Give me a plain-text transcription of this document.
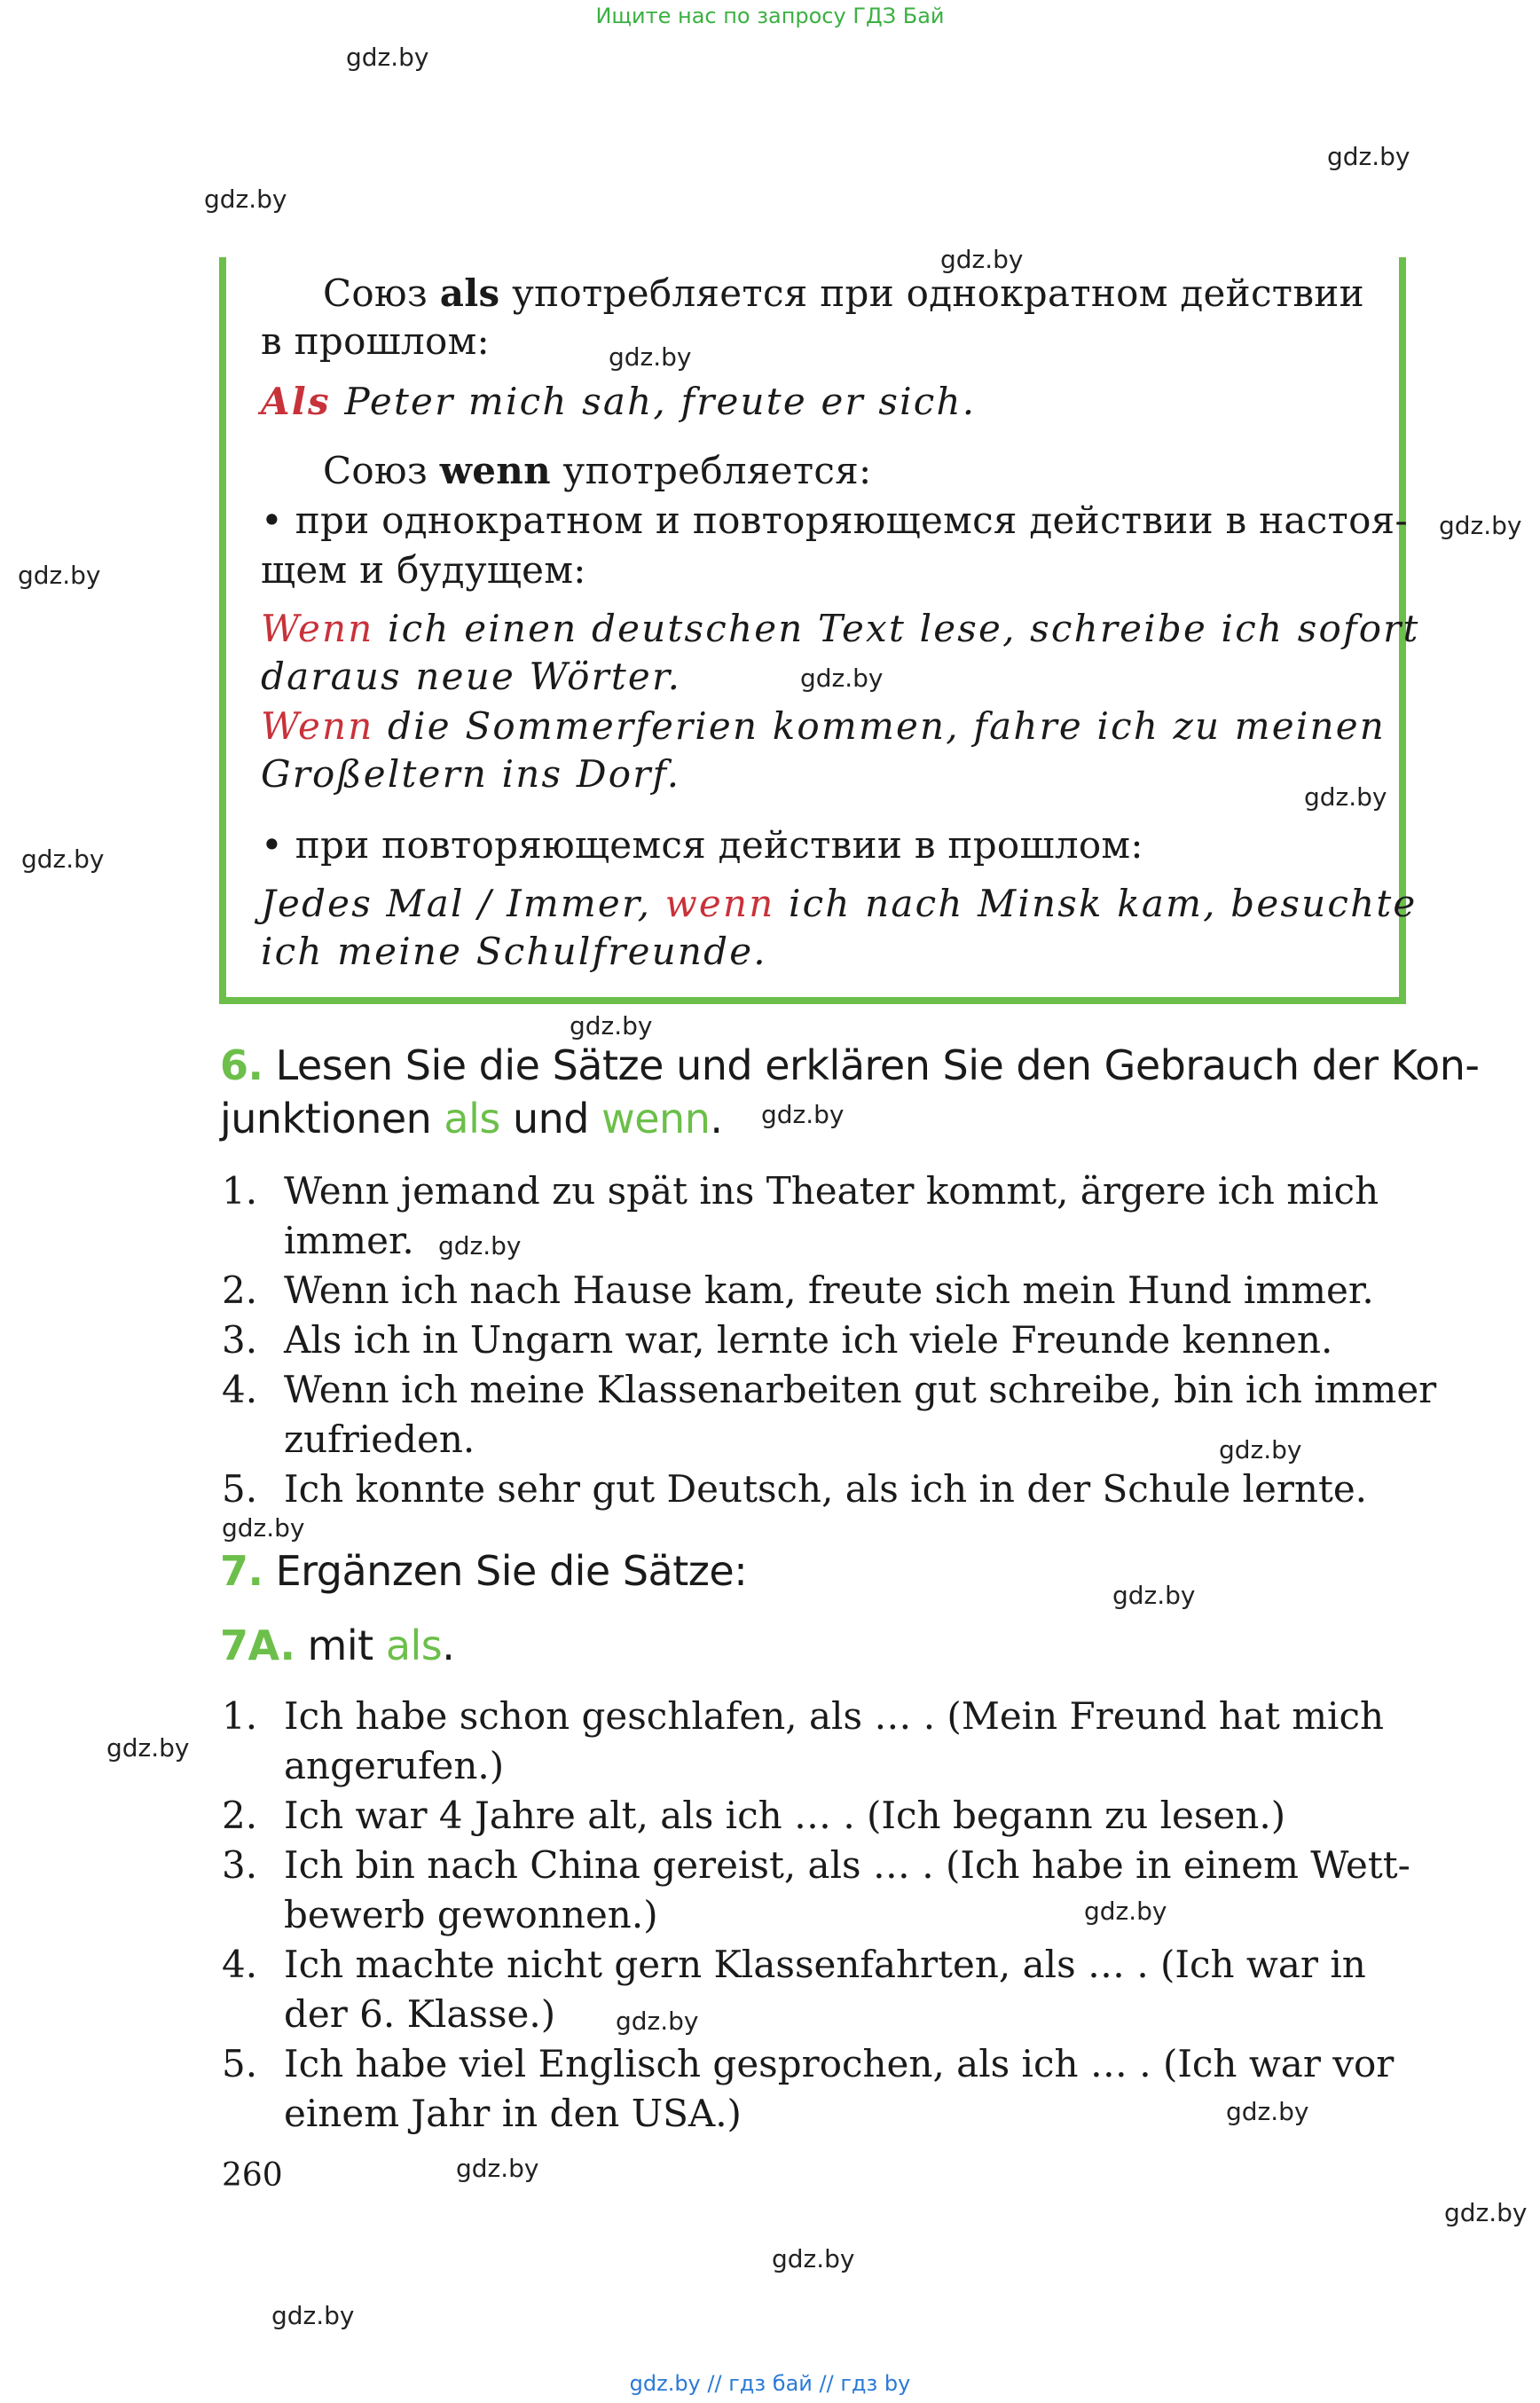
Ищите нас по запросу ГДЗ Бай
gdz.by
gdz.by
gdz.by
gdz.by
gdz.by
gdz.by
gdz.by
gdz.by
gdz.by
gdz.by
gdz.by
gdz.by
gdz.by
gdz.by
gdz.by
gdz.by
gdz.by
gdz.by
gdz.by
gdz.by
gdz.by
gdz.by
gdz.by
gdz.by
Союз als употребляется при однократном действии
в прошлом:
Als Peter mich sah, freute er sich.
Союз wenn употребляется:
• при однократном и повторяющемся действии в настоя-
щем и будущем:
Wenn ich einen deutschen Text lese, schreibe ich sofort
daraus neue Wörter.
Wenn die Sommerferien kommen, fahre ich zu meinen
Großeltern ins Dorf.
• при повторяющемся действии в прошлом:
Jedes Mal / Immer, wenn ich nach Minsk kam, besuchte
ich meine Schulfreunde.
6. Lesen Sie die Sätze und erklären Sie den Gebrauch der Kon-
junktionen als und wenn.
1. Wenn jemand zu spät ins Theater kommt, ärgere ich mich
immer.
2. Wenn ich nach Hause kam, freute sich mein Hund immer.
3. Als ich in Ungarn war, lernte ich viele Freunde kennen.
4. Wenn ich meine Klassenarbeiten gut schreibe, bin ich immer
zufrieden.
5. Ich konnte sehr gut Deutsch, als ich in der Schule lernte.
7. Ergänzen Sie die Sätze:
7A. mit als.
1. Ich habe schon geschlafen, als … . (Mein Freund hat mich
angerufen.)
2. Ich war 4 Jahre alt, als ich … . (Ich begann zu lesen.)
3. Ich bin nach China gereist, als … . (Ich habe in einem Wett-
bewerb gewonnen.)
4. Ich machte nicht gern Klassenfahrten, als … . (Ich war in
der 6. Klasse.)
5. Ich habe viel Englisch gesprochen, als ich … . (Ich war vor
einem Jahr in den USA.)
260
gdz.by // гдз бай // гдз by
